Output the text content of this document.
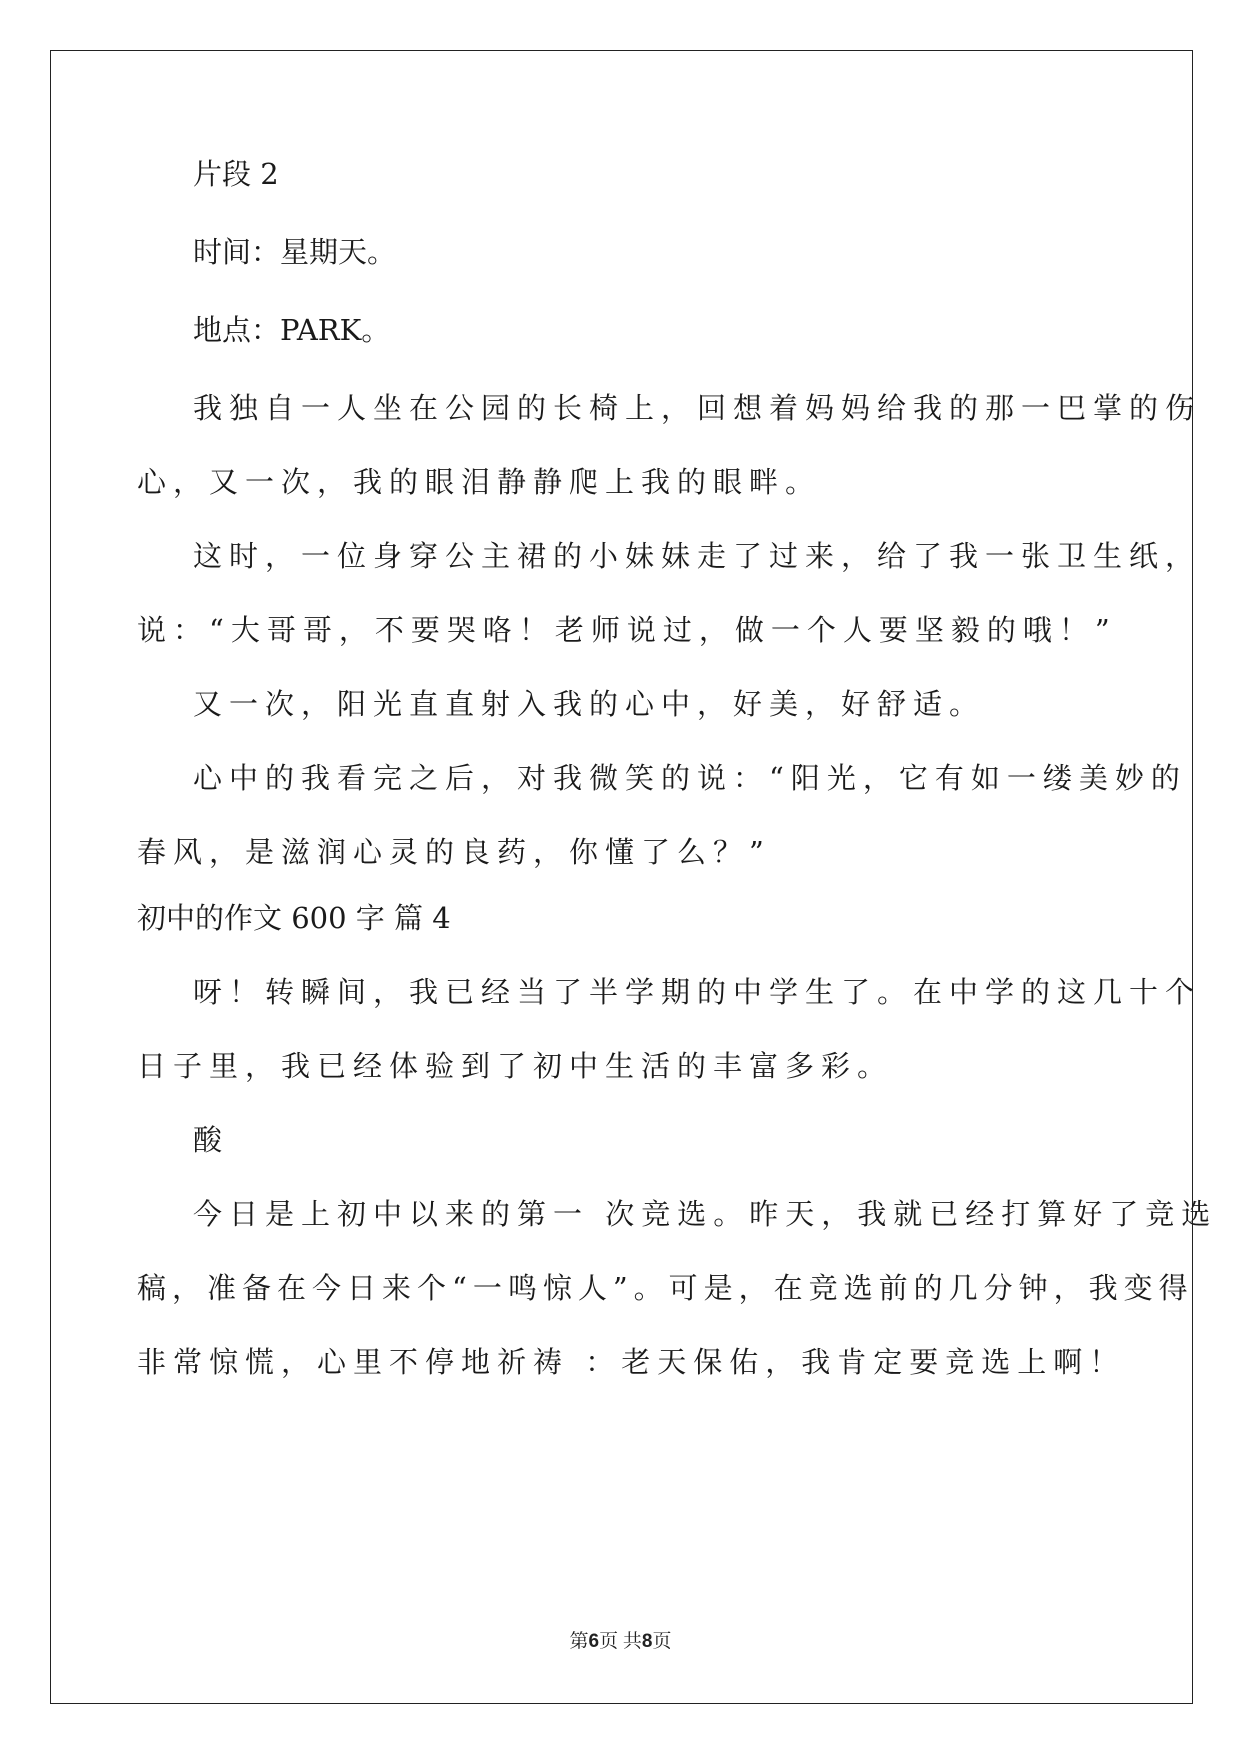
片段 2

时间：星期天。

地点：PARK。

我独自一人坐在公园的长椅上，回想着妈妈给我的那一巴掌的伤

心，又一次，我的眼泪静静爬上我的眼畔。

这时，一位身穿公主裙的小妹妹走了过来，给了我一张卫生纸，

说：“大哥哥，不要哭咯！老师说过，做一个人要坚毅的哦！”

又一次，阳光直直射入我的心中，好美，好舒适。

心中的我看完之后，对我微笑的说：“阳光，它有如一缕美妙的

春风，是滋润心灵的良药，你懂了么？”

初中的作文 600 字 篇 4

呀！转瞬间，我已经当了半学期的中学生了。在中学的这几十个

日子里，我已经体验到了初中生活的丰富多彩。

酸

今日是上初中以来的第一 次竞选。昨天，我就已经打算好了竞选

稿，准备在今日来个“一鸣惊人”。可是，在竞选前的几分钟，我变得

非常惊慌，心里不停地祈祷 ：老天保佑，我肯定要竞选上啊！

第6页 共8页
